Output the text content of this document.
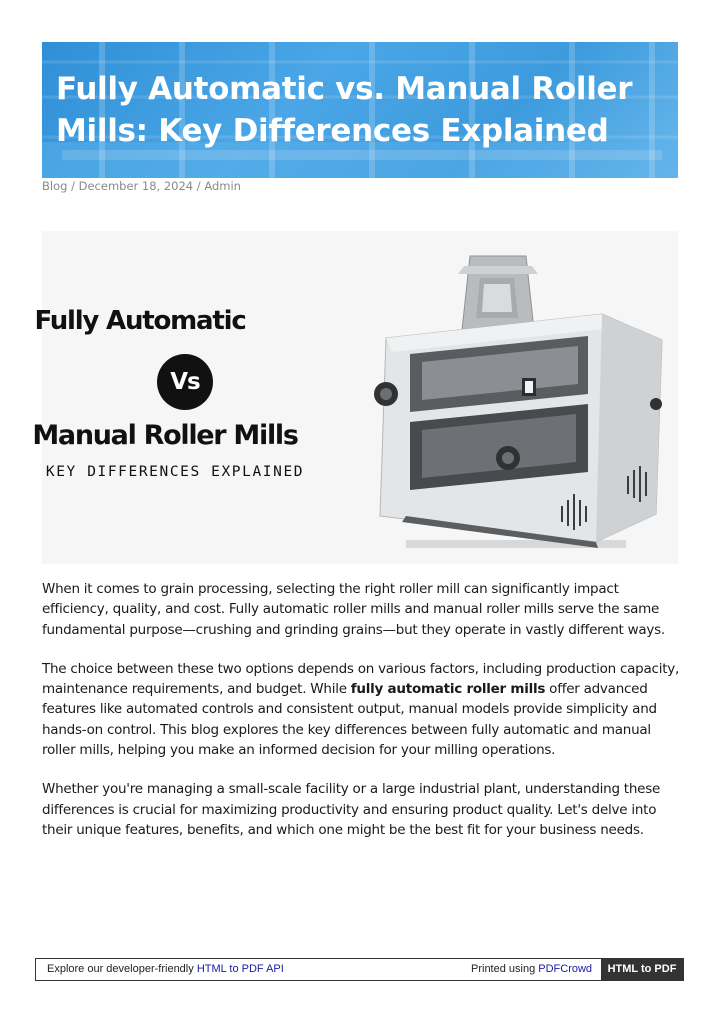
Fully Automatic vs. Manual Roller
Mills: Key Differences Explained
Blog / December 18, 2024 / Admin
Fully Automatic
Vs
Manual Roller Mills
KEY DIFFERENCES EXPLAINED

When it comes to grain processing, selecting the right roller mill can significantly impact efficiency, quality, and cost. Fully automatic roller mills and manual roller mills serve the same fundamental purpose—crushing and grinding grains—but they operate in vastly different ways.

The choice between these two options depends on various factors, including production capacity, maintenance requirements, and budget. While fully automatic roller mills offer advanced features like automated controls and consistent output, manual models provide simplicity and hands-on control. This blog explores the key differences between fully automatic and manual roller mills, helping you make an informed decision for your milling operations.

Whether you're managing a small-scale facility or a large industrial plant, understanding these differences is crucial for maximizing productivity and ensuring product quality. Let's delve into their unique features, benefits, and which one might be the best fit for your business needs.

Explore our developer-friendly HTML to PDF API	Printed using PDFCrowd	HTML to PDF
